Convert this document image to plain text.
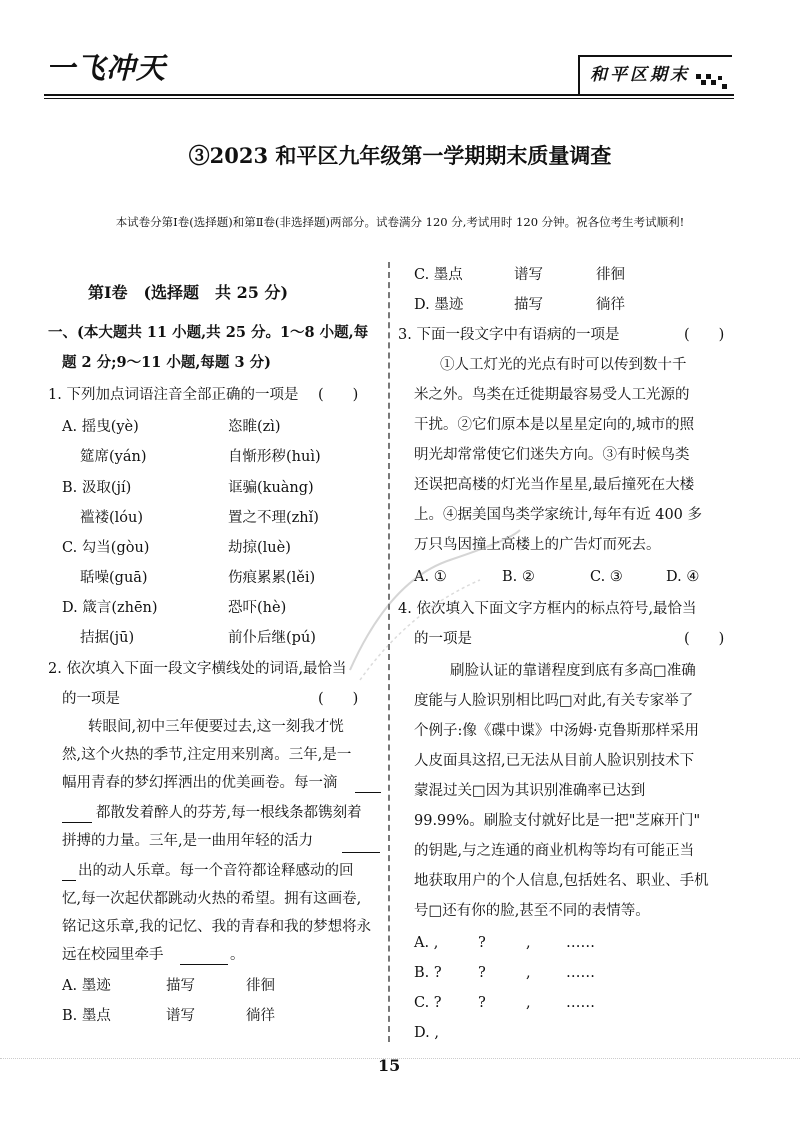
一飞冲天	和平区期末
③2023 和平区九年级第一学期期末质量调查
本试卷分第Ⅰ卷(选择题)和第Ⅱ卷(非选择题)两部分。试卷满分 120 分,考试用时 120 分钟。祝各位考生考试顺利!
第Ⅰ卷　(选择题　共 25 分)
一、(本大题共 11 小题,共 25 分。1～8 小题,每
题 2 分;9～11 小题,每题 3 分)
1. 下列加点词语注音全部正确的一项是 (　　)
A. 摇曳(yè)	恣睢(zì)
筵席(yán)	自惭形秽(huì)
B. 汲取(jí)	诓骗(kuàng)
褴褛(lóu)	置之不理(zhǐ)
C. 勾当(gòu)	劫掠(luè)
聒噪(guā)	伤痕累累(lěi)
D. 箴言(zhēn)	恐吓(hè)
拮据(jū)	前仆后继(pú)
2. 依次填入下面一段文字横线处的词语,最恰当
的一项是	(　　)
转眼间,初中三年便要过去,这一刻我才恍
然,这个火热的季节,注定用来别离。三年,是一
幅用青春的梦幻挥洒出的优美画卷。每一滴
都散发着醉人的芬芳,每一根线条都镌刻着
拼搏的力量。三年,是一曲用年轻的活力
出的动人乐章。每一个音符都诠释感动的回
忆,每一次起伏都跳动火热的希望。拥有这画卷,
铭记这乐章,我的记忆、我的青春和我的梦想将永
远在校园里牵手	。
A. 墨迹	描写	徘徊
B. 墨点	谱写	徜徉
C. 墨点	谱写	徘徊
D. 墨迹	描写	徜徉
3. 下面一段文字中有语病的一项是	(　　)
①人工灯光的光点有时可以传到数十千
米之外。鸟类在迁徙期最容易受人工光源的
干扰。②它们原本是以星星定向的,城市的照
明光却常常使它们迷失方向。③有时候鸟类
还误把高楼的灯光当作星星,最后撞死在大楼
上。④据美国鸟类学家统计,每年有近 400 多
万只鸟因撞上高楼上的广告灯而死去。
A. ①	B. ②	C. ③	D. ④
4. 依次填入下面文字方框内的标点符号,最恰当
的一项是	(　　)
刷脸认证的靠谱程度到底有多高□准确
度能与人脸识别相比吗□对此,有关专家举了
个例子:像《碟中谍》中汤姆·克鲁斯那样采用
人皮面具这招,已无法从目前人脸识别技术下
蒙混过关□因为其识别准确率已达到
99.99%。刷脸支付就好比是一把"芝麻开门"
的钥匙,与之连通的商业机构等均有可能正当
地获取用户的个人信息,包括姓名、职业、手机
号□还有你的脸,甚至不同的表情等。
A. ,	?	, ……
B. ?	?	, ……
C. ?	?	, ……
D. ,
15
